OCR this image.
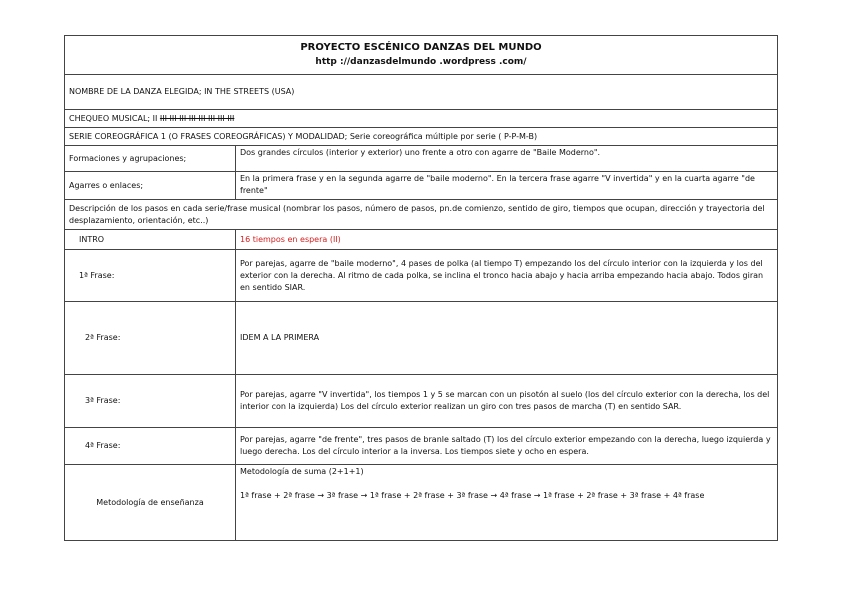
PROYECTO ESCÉNICO DANZAS DEL MUNDO
http ://danzasdelmundo .wordpress .com/	

NOMBRE DE LA DANZA ELEGIDA; IN THE STREETS (USA)	
CHEQUEO MUSICAL; II III III III III III III III III	
SERIE COREOGRÁFICA 1 (O FRASES COREOGRÁFICAS) Y MODALIDAD; Serie coreográfica múltiple por serie ( P-P-M-B)	
Formaciones y agrupaciones;	Dos grandes círculos (interior y exterior) uno frente a otro con agarre de "Baile Moderno".
Agarres o enlaces;	En la primera frase y en la segunda agarre de "baile moderno". En la tercera frase agarre "V invertida" y en la cuarta agarre "de frente"
Descripción de los pasos en cada serie/frase musical (nombrar los pasos, número de pasos, pn.de comienzo, sentido de giro, tiempos que ocupan, dirección y trayectoria del desplazamiento, orientación, etc..)	
INTRO	16 tiempos en espera (II)
1ª Frase:	Por parejas, agarre de "baile moderno", 4 pases de polka (al tiempo T) empezando los del círculo interior con la izquierda y los del exterior con la derecha. Al ritmo de cada polka, se inclina el tronco hacia abajo y hacia arriba empezando hacia abajo. Todos giran en sentido SIAR.
2ª Frase:	IDEM A LA PRIMERA
3ª Frase:	Por parejas, agarre "V invertida", los tiempos 1 y 5 se marcan con un pisotón al suelo (los del círculo exterior con la derecha, los del interior con la izquierda) Los del círculo exterior realizan un giro con tres pasos de marcha (T) en sentido SAR.
4ª Frase:	Por parejas, agarre "de frente", tres pasos de branle saltado (T) los del círculo exterior empezando con la derecha, luego izquierda y luego derecha. Los del círculo interior a la inversa. Los tiempos siete y ocho en espera.
Metodología de enseñanza	Metodología de suma (2+1+1)

1ª frase + 2ª frase → 3ª frase → 1ª frase + 2ª frase + 3ª frase → 4ª frase → 1ª frase + 2ª frase + 3ª frase + 4ª frase
